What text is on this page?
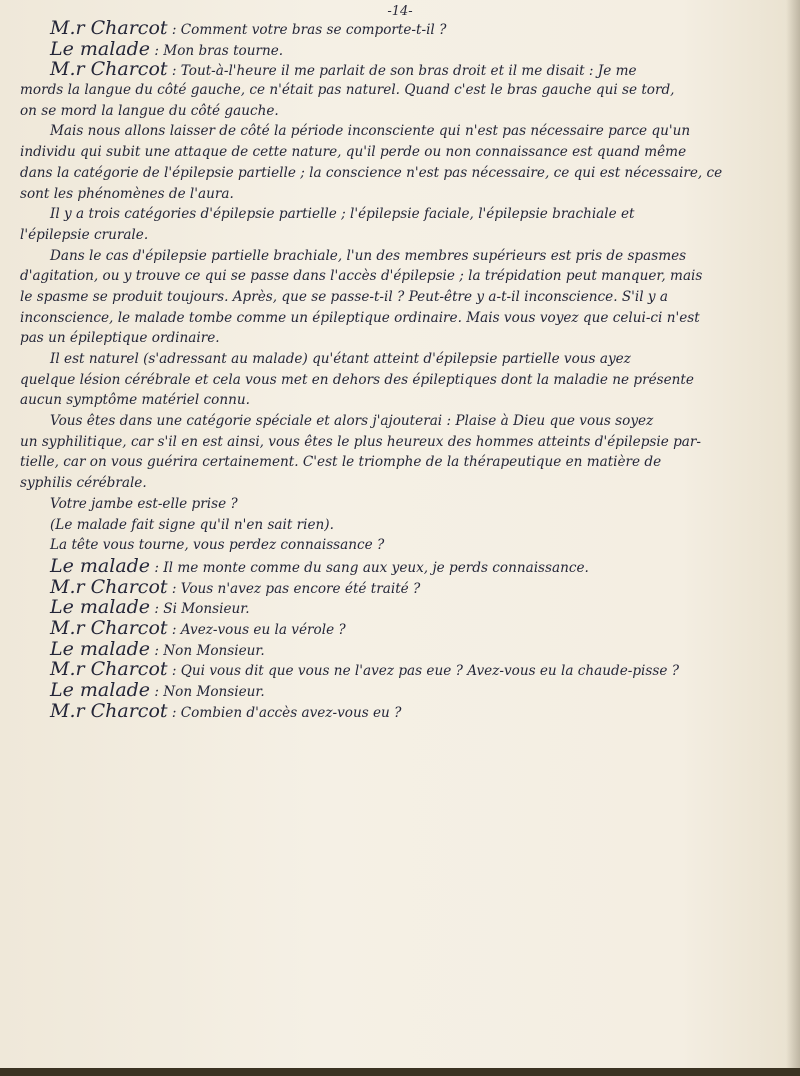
-14-
M.r Charcot : Comment votre bras se comporte-t-il ?
Le malade : Mon bras tourne.
M.r Charcot : Tout-à-l'heure il me parlait de son bras droit et il me disait : Je me
mords la langue du côté gauche, ce n'était pas naturel. Quand c'est le bras gauche qui se tord,
on se mord la langue du côté gauche.
Mais nous allons laisser de côté la période inconsciente qui n'est pas nécessaire parce qu'un
individu qui subit une attaque de cette nature, qu'il perde ou non connaissance est quand même
dans la catégorie de l'épilepsie partielle ; la conscience n'est pas nécessaire, ce qui est nécessaire, ce
sont les phénomènes de l'aura.
Il y a trois catégories d'épilepsie partielle ; l'épilepsie faciale, l'épilepsie brachiale et
l'épilepsie crurale.
Dans le cas d'épilepsie partielle brachiale, l'un des membres supérieurs est pris de spasmes
d'agitation, ou y trouve ce qui se passe dans l'accès d'épilepsie ; la trépidation peut manquer, mais
le spasme se produit toujours. Après, que se passe-t-il ? Peut-être y a-t-il inconscience. S'il y a
inconscience, le malade tombe comme un épileptique ordinaire. Mais vous voyez que celui-ci n'est
pas un épileptique ordinaire.
Il est naturel (s'adressant au malade) qu'étant atteint d'épilepsie partielle vous ayez
quelque lésion cérébrale et cela vous met en dehors des épileptiques dont la maladie ne présente
aucun symptôme matériel connu.
Vous êtes dans une catégorie spéciale et alors j'ajouterai : Plaise à Dieu que vous soyez
un syphilitique, car s'il en est ainsi, vous êtes le plus heureux des hommes atteints d'épilepsie par-
tielle, car on vous guérira certainement. C'est le triomphe de la thérapeutique en matière de
syphilis cérébrale.
Votre jambe est-elle prise ?
(Le malade fait signe qu'il n'en sait rien).
La tête vous tourne, vous perdez connaissance ?
Le malade : Il me monte comme du sang aux yeux, je perds connaissance.
M.r Charcot : Vous n'avez pas encore été traité ?
Le malade : Si Monsieur.
M.r Charcot : Avez-vous eu la vérole ?
Le malade : Non Monsieur.
M.r Charcot : Qui vous dit que vous ne l'avez pas eue ? Avez-vous eu la chaude-pisse ?
Le malade : Non Monsieur.
M.r Charcot : Combien d'accès avez-vous eu ?
